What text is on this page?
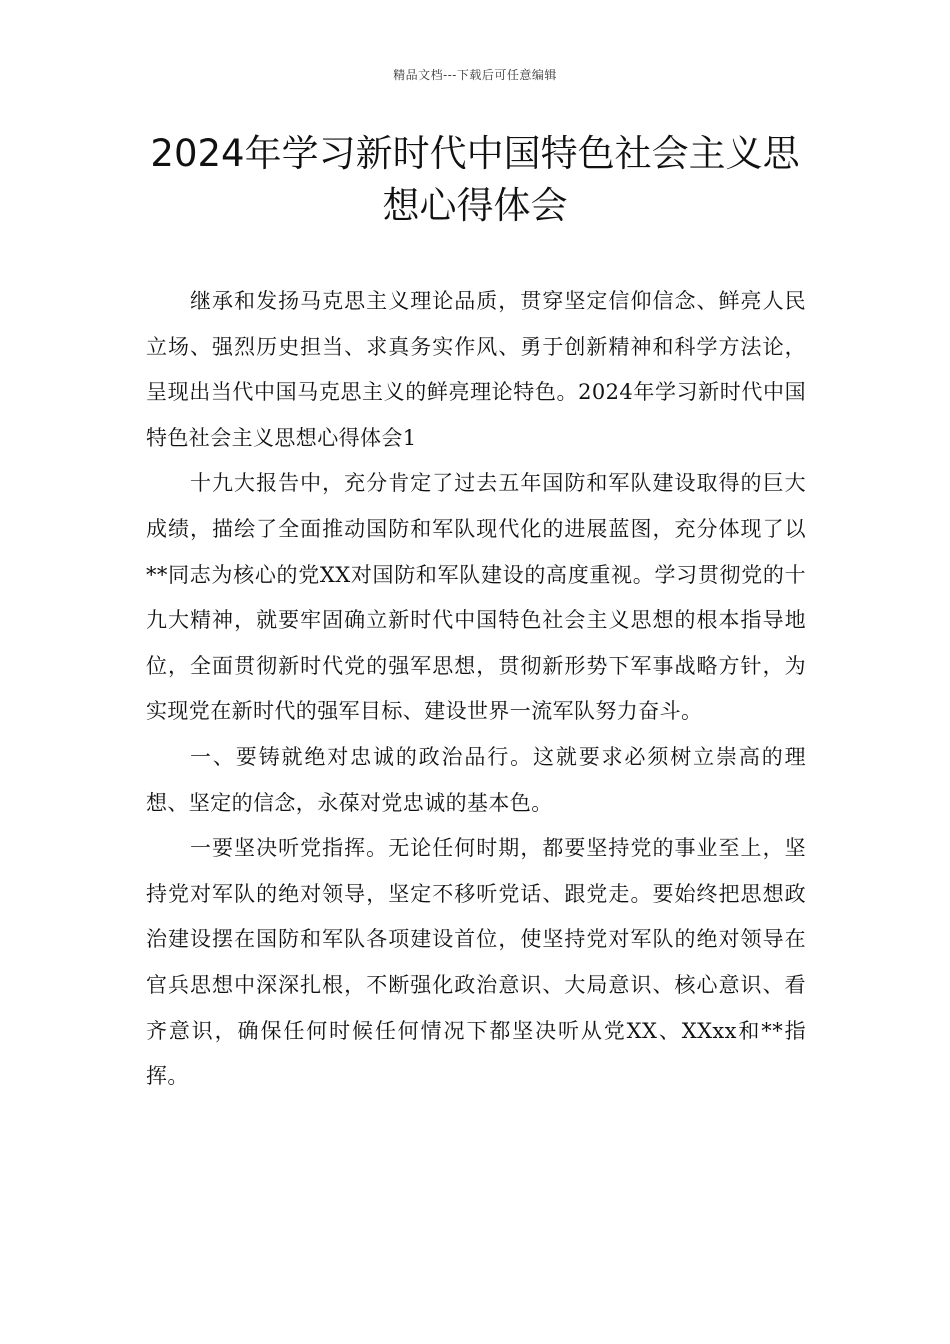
精品文档---下载后可任意编辑
2024年学习新时代中国特色社会主义思
想心得体会

继承和发扬马克思主义理论品质，贯穿坚定信仰信念、鲜亮人民立场、强烈历史担当、求真务实作风、勇于创新精神和科学方法论，呈现出当代中国马克思主义的鲜亮理论特色。2024年学习新时代中国特色社会主义思想心得体会1

十九大报告中，充分肯定了过去五年国防和军队建设取得的巨大成绩，描绘了全面推动国防和军队现代化的进展蓝图，充分体现了以**同志为核心的党XX对国防和军队建设的高度重视。学习贯彻党的十九大精神，就要牢固确立新时代中国特色社会主义思想的根本指导地位，全面贯彻新时代党的强军思想，贯彻新形势下军事战略方针，为实现党在新时代的强军目标、建设世界一流军队努力奋斗。

一、要铸就绝对忠诚的政治品行。这就要求必须树立崇高的理想、坚定的信念，永葆对党忠诚的基本色。

一要坚决听党指挥。无论任何时期，都要坚持党的事业至上，坚持党对军队的绝对领导，坚定不移听党话、跟党走。要始终把思想政治建设摆在国防和军队各项建设首位，使坚持党对军队的绝对领导在官兵思想中深深扎根，不断强化政治意识、大局意识、核心意识、看齐意识，确保任何时候任何情况下都坚决听从党XX、XXxx和**指挥。
